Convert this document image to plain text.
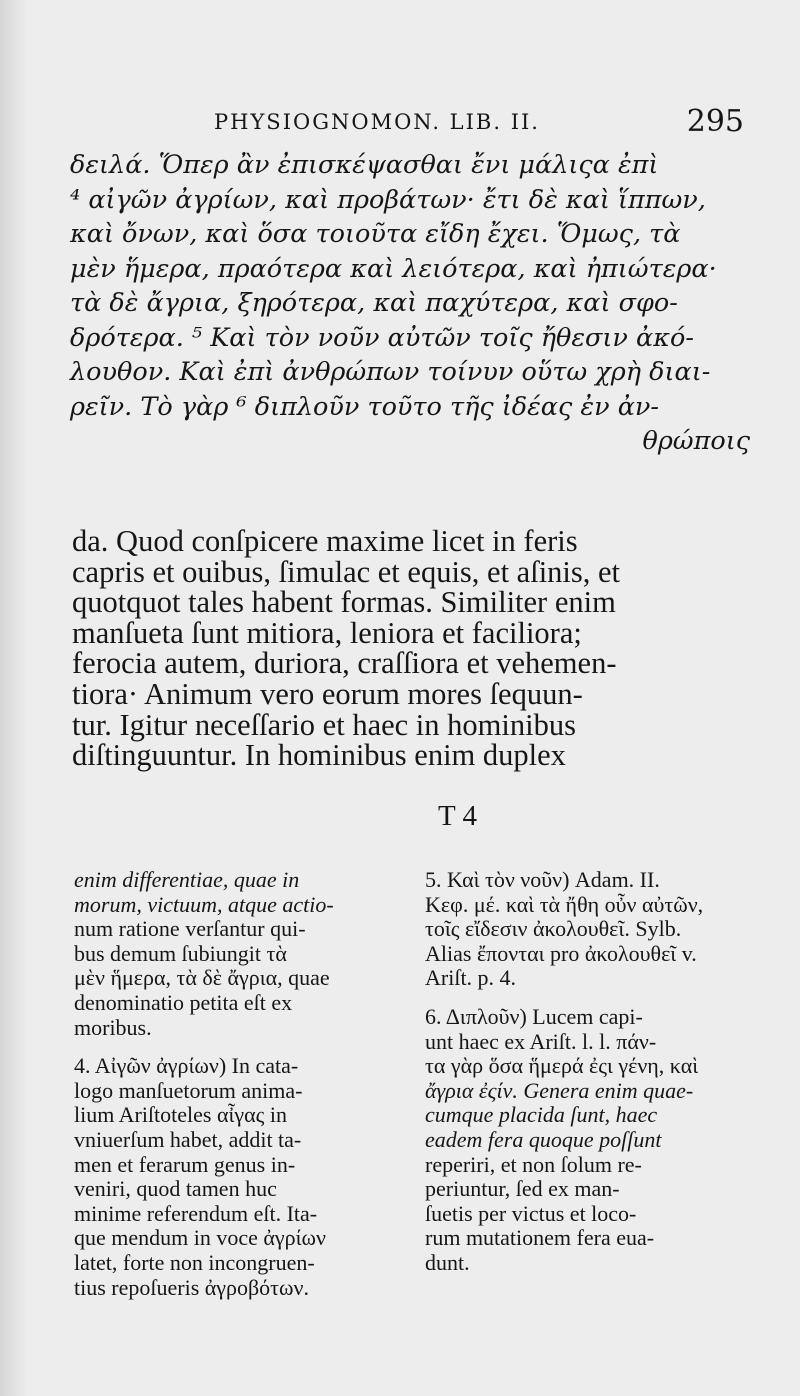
PHYSIOGNOMON. LIB. II.	295
δειλά. Ὅπερ ἂν ἐπισκέψασθαι ἔνι μάλιςα ἐπὶ
⁴ αἰγῶν ἀγρίων, καὶ προβάτων· ἔτι δὲ καὶ ἵππων,
καὶ ὄνων, καὶ ὅσα τοιοῦτα εἴδη ἔχει. Ὅμως, τὰ
μὲν ἥμερα, πραότερα καὶ λειότερα, καὶ ἠπιώτερα·
τὰ δὲ ἄγρια, ξηρότερα, καὶ παχύτερα, καὶ σφο-
δρότερα. ⁵ Καὶ τὸν νοῦν αὐτῶν τοῖς ἤθεσιν ἀκό-
λουθον. Καὶ ἐπὶ ἀνθρώπων τοίνυν οὕτω χρὴ διαι-
ρεῖν. Τὸ γὰρ ⁶ διπλοῦν τοῦτο τῆς ἰδέας ἐν ἀν-
θρώποις
da. Quod conſpicere maxime licet in feris
capris et ouibus, ſimulac et equis, et aſinis, et
quotquot tales habent formas. Similiter enim
manſueta ſunt mitiora, leniora et faciliora;
ferocia autem, duriora, craſſiora et vehemen-
tiora· Animum vero eorum mores ſequun-
tur. Igitur neceſſario et haec in hominibus
diſtinguuntur. In hominibus enim duplex
T 4
enim differentiae, quae in
morum, victuum, atque actio-
num ratione verſantur qui-
bus demum ſubiungit τὰ
μὲν ἥμερα, τὰ δὲ ἄγρια, quae
denominatio petita eſt ex
moribus.
4. Αἰγῶν ἀγρίων) In cata-
logo manſuetorum anima-
lium Ariſtoteles αἶγας in
vniuerſum habet, addit ta-
men et ferarum genus in-
veniri, quod tamen huc
minime referendum eſt. Ita-
que mendum in voce ἀγρίων
latet, forte non incongruen-
tius repoſueris ἀγροβότων.
5. Καὶ τὸν νοῦν) Adam. II.
Κεφ. μέ. καὶ τὰ ἤθη οὖν αὐτῶν,
τοῖς εἴδεσιν ἀκολουθεῖ. Sylb.
Alias ἔπονται pro ἀκολουθεῖ v.
Ariſt. p. 4.
6. Διπλοῦν) Lucem capi-
unt haec ex Ariſt. l. l. πάν-
τα γὰρ ὅσα ἥμερά ἐςι γένη, καὶ
ἄγρια ἐςίν. Genera enim quae-
cumque placida ſunt, haec
eadem fera quoque poſſunt
reperiri, et non ſolum re-
periuntur, ſed ex man-
ſuetis per victus et loco-
rum mutationem fera eua-
dunt.
